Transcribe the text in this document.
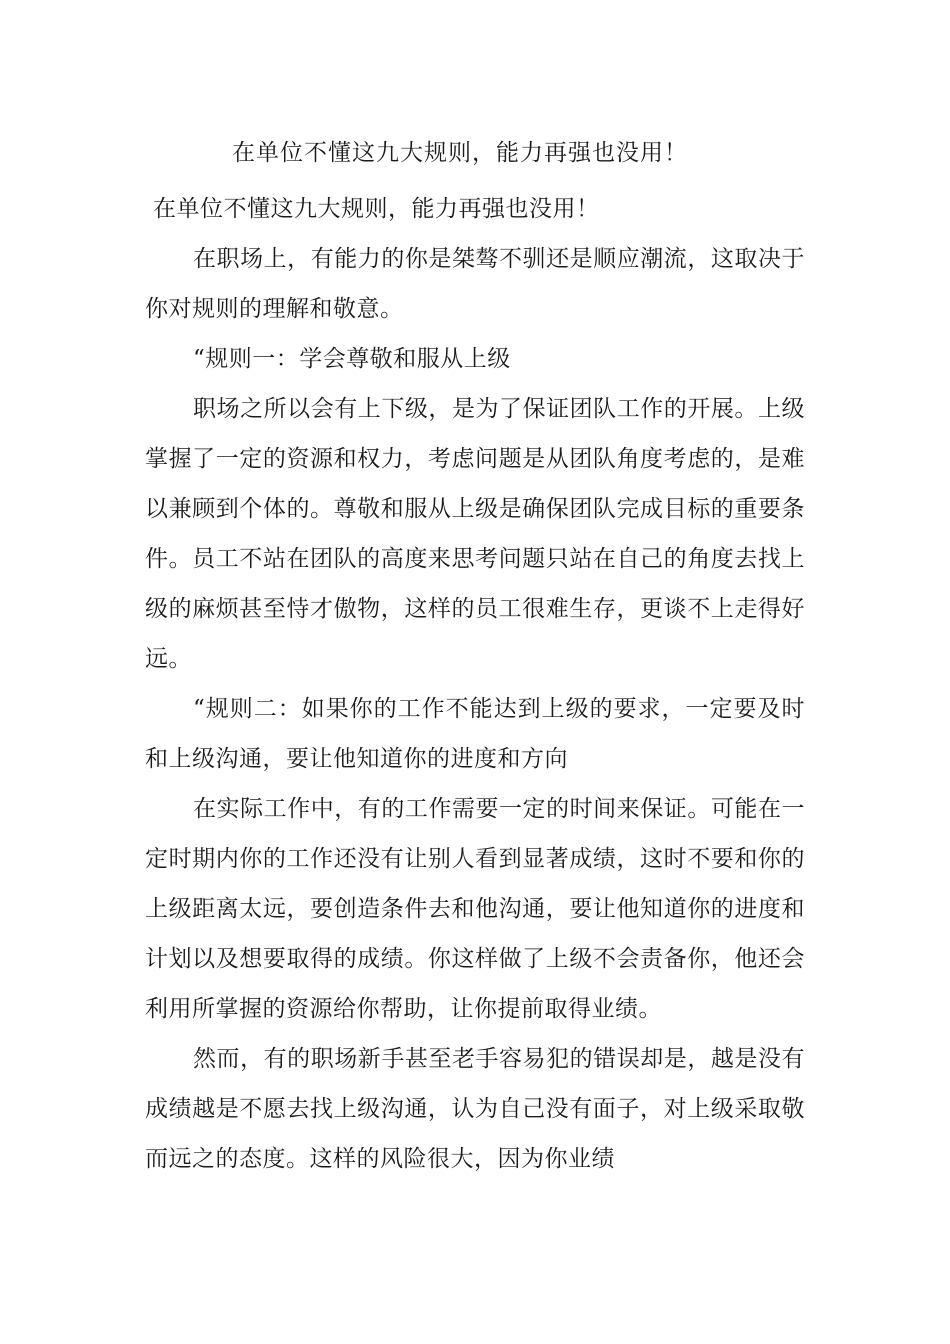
在单位不懂这九大规则，能力再强也没用！

在单位不懂这九大规则，能力再强也没用！

在职场上，有能力的你是桀骜不驯还是顺应潮流，这取决于你对规则的理解和敬意。

“规则一：学会尊敬和服从上级

职场之所以会有上下级，是为了保证团队工作的开展。上级掌握了一定的资源和权力，考虑问题是从团队角度考虑的，是难以兼顾到个体的。尊敬和服从上级是确保团队完成目标的重要条件。员工不站在团队的高度来思考问题只站在自己的角度去找上级的麻烦甚至恃才傲物，这样的员工很难生存，更谈不上走得好远。

“规则二：如果你的工作不能达到上级的要求，一定要及时和上级沟通，要让他知道你的进度和方向

在实际工作中，有的工作需要一定的时间来保证。可能在一定时期内你的工作还没有让别人看到显著成绩，这时不要和你的上级距离太远，要创造条件去和他沟通，要让他知道你的进度和计划以及想要取得的成绩。你这样做了上级不会责备你，他还会利用所掌握的资源给你帮助，让你提前取得业绩。

然而，有的职场新手甚至老手容易犯的错误却是，越是没有成绩越是不愿去找上级沟通，认为自己没有面子，对上级采取敬而远之的态度。这样的风险很大，因为你业绩
